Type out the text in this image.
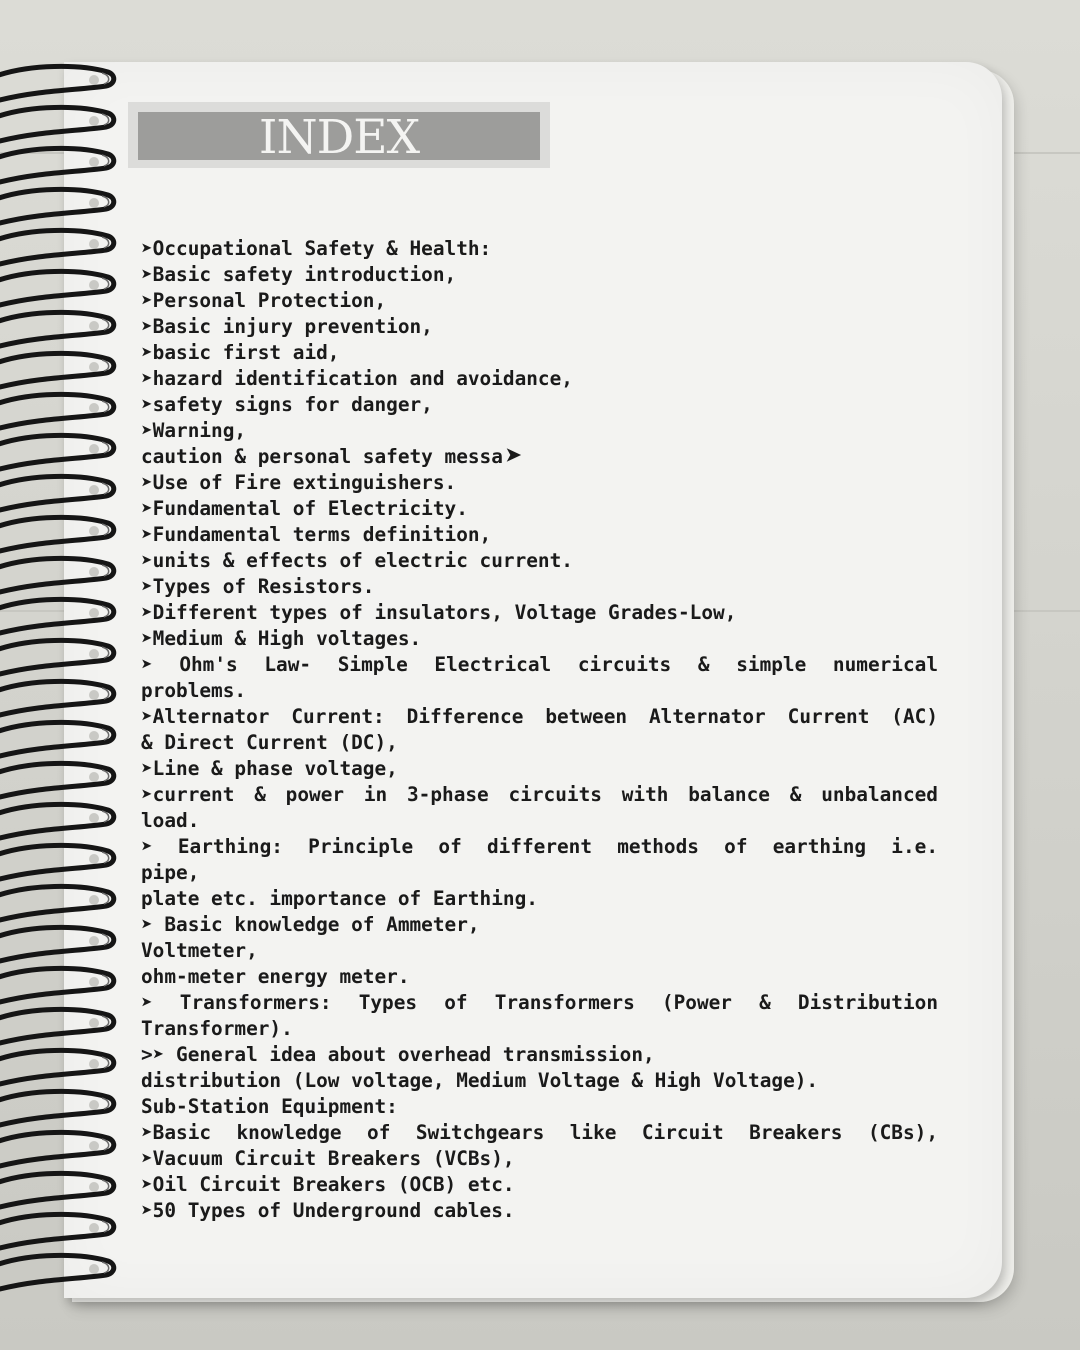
INDEX
➤Occupational Safety & Health:
➤Basic safety introduction,
➤Personal Protection,
➤Basic injury prevention,
➤basic first aid,
➤hazard identification and avoidance,
➤safety signs for danger,
➤Warning,
caution & personal safety messa➤
➤Use of Fire extinguishers.
➤Fundamental of Electricity.
➤Fundamental terms definition,
➤units & effects of electric current.
➤Types of Resistors.
➤Different types of insulators, Voltage Grades-Low,
➤Medium & High voltages.
➤ Ohm's Law- Simple Electrical circuits & simple numerical
problems.
➤Alternator Current: Difference between Alternator Current (AC)
& Direct Current (DC),
➤Line & phase voltage,
➤current & power in 3-phase circuits with balance & unbalanced
load.
➤ Earthing: Principle of different methods of earthing i.e.
pipe,
plate etc. importance of Earthing.
➤ Basic knowledge of Ammeter,
Voltmeter,
ohm-meter energy meter.
➤ Transformers: Types of Transformers (Power & Distribution
Transformer).
>➤ General idea about overhead transmission,
distribution (Low voltage, Medium Voltage & High Voltage).
Sub-Station Equipment:
➤Basic knowledge of Switchgears like Circuit Breakers (CBs),
➤Vacuum Circuit Breakers (VCBs),
➤Oil Circuit Breakers (OCB) etc.
➤50 Types of Underground cables.
